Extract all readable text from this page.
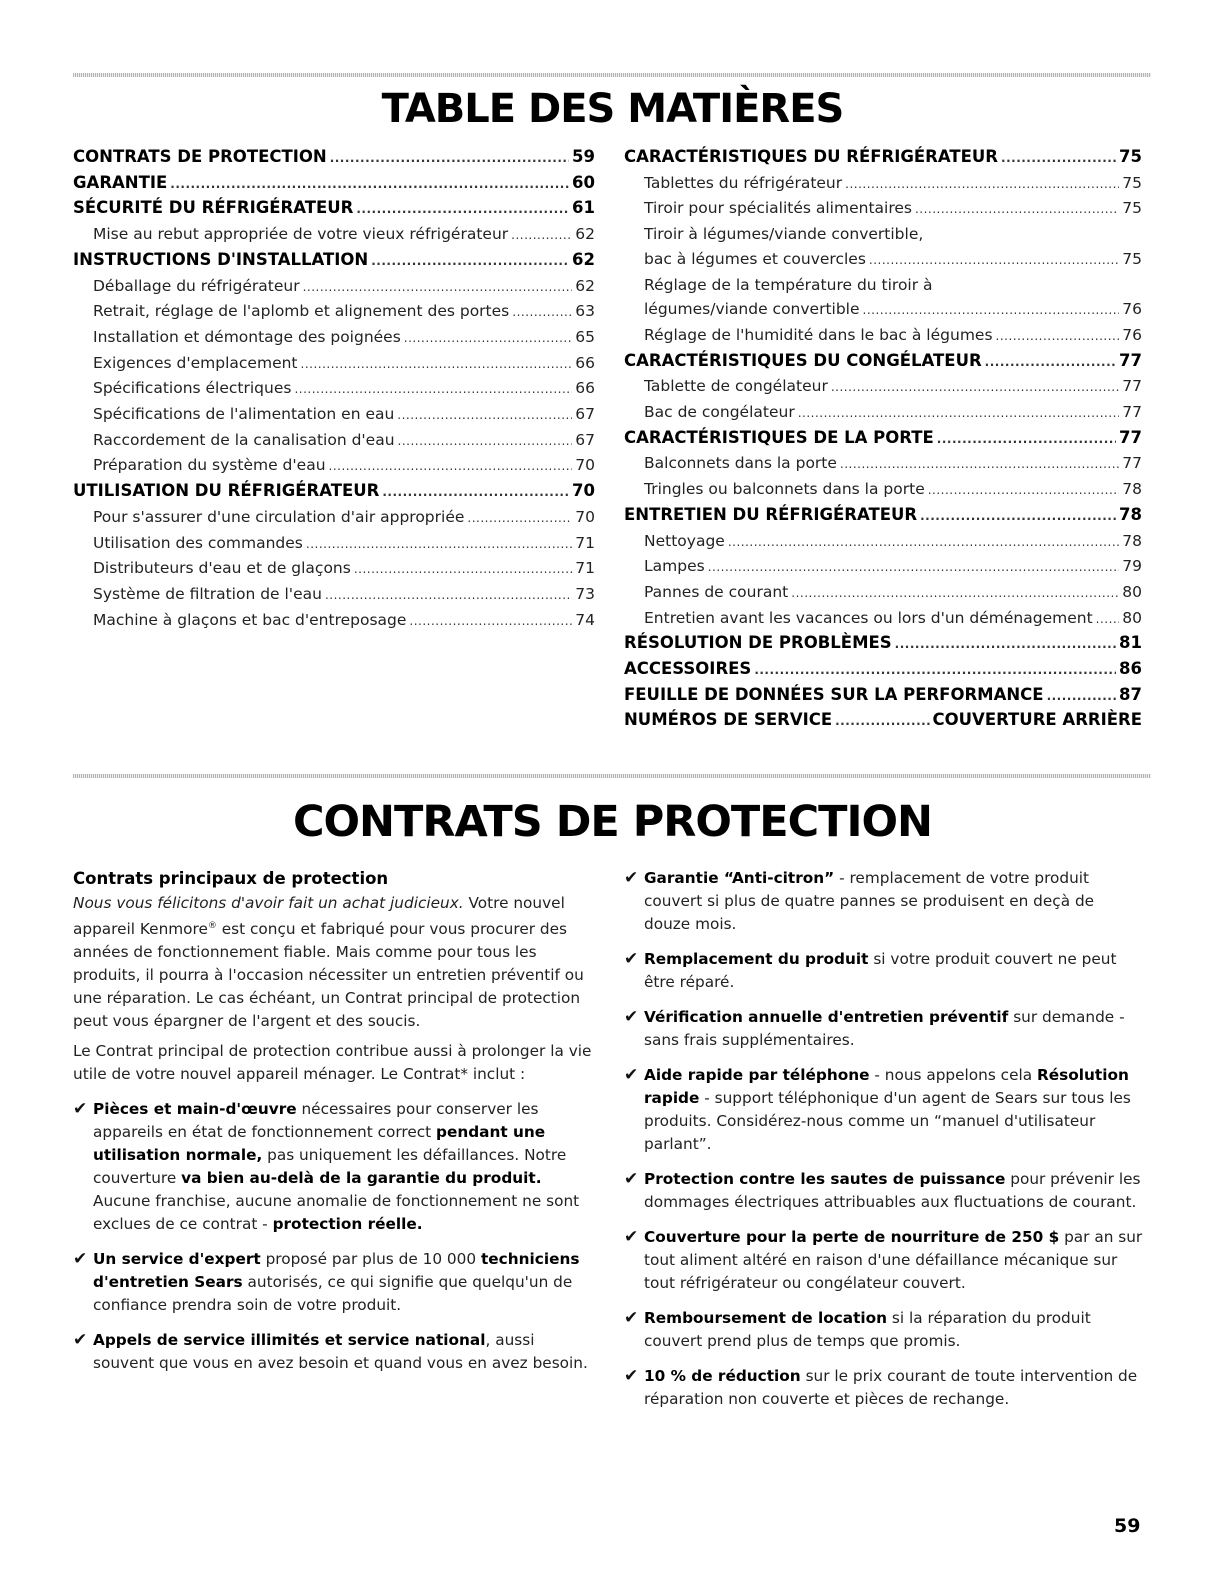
TABLE DES MATIÈRES
CONTRATS DE PROTECTION .....	59
GARANTIE .....	60
SÉCURITÉ DU RÉFRIGÉRATEUR .....	61
Mise au rebut appropriée de votre vieux réfrigérateur .....	62
INSTRUCTIONS D'INSTALLATION .....	62
Déballage du réfrigérateur .....	62
Retrait, réglage de l'aplomb et alignement des portes .....	63
Installation et démontage des poignées .....	65
Exigences d'emplacement .....	66
Spécifications électriques .....	66
Spécifications de l'alimentation en eau .....	67
Raccordement de la canalisation d'eau .....	67
Préparation du système d'eau .....	70
UTILISATION DU RÉFRIGÉRATEUR .....	70
Pour s'assurer d'une circulation d'air appropriée .....	70
Utilisation des commandes .....	71
Distributeurs d'eau et de glaçons .....	71
Système de filtration de l'eau .....	73
Machine à glaçons et bac d'entreposage .....	74
CARACTÉRISTIQUES DU RÉFRIGÉRATEUR .....	75
Tablettes du réfrigérateur .....	75
Tiroir pour spécialités alimentaires .....	75
Tiroir à légumes/viande convertible,
bac à légumes et couvercles .....	75
Réglage de la température du tiroir à
légumes/viande convertible .....	76
Réglage de l'humidité dans le bac à légumes .....	76
CARACTÉRISTIQUES DU CONGÉLATEUR .....	77
Tablette de congélateur .....	77
Bac de congélateur .....	77
CARACTÉRISTIQUES DE LA PORTE .....	77
Balconnets dans la porte .....	77
Tringles ou balconnets dans la porte .....	78
ENTRETIEN DU RÉFRIGÉRATEUR .....	78
Nettoyage .....	78
Lampes .....	79
Pannes de courant .....	80
Entretien avant les vacances ou lors d'un déménagement ..... 80
RÉSOLUTION DE PROBLÈMES .....	81
ACCESSOIRES .....	86
FEUILLE DE DONNÉES SUR LA PERFORMANCE .....	87
NUMÉROS DE SERVICE .....	COUVERTURE ARRIÈRE
CONTRATS DE PROTECTION
Contrats principaux de protection

Nous vous félicitons d'avoir fait un achat judicieux. Votre nouvel appareil Kenmore® est conçu et fabriqué pour vous procurer des années de fonctionnement fiable. Mais comme pour tous les produits, il pourra à l'occasion nécessiter un entretien préventif ou une réparation. Le cas échéant, un Contrat principal de protection peut vous épargner de l'argent et des soucis.

Le Contrat principal de protection contribue aussi à prolonger la vie utile de votre nouvel appareil ménager. Le Contrat* inclut :

✔ Pièces et main-d'œuvre nécessaires pour conserver les appareils en état de fonctionnement correct pendant une utilisation normale, pas uniquement les défaillances. Notre couverture va bien au-delà de la garantie du produit. Aucune franchise, aucune anomalie de fonctionnement ne sont exclues de ce contrat - protection réelle.
✔ Un service d'expert proposé par plus de 10 000 techniciens d'entretien Sears autorisés, ce qui signifie que quelqu'un de confiance prendra soin de votre produit.
✔ Appels de service illimités et service national, aussi souvent que vous en avez besoin et quand vous en avez besoin.
✔ Garantie “Anti-citron” - remplacement de votre produit couvert si plus de quatre pannes se produisent en deçà de douze mois.
✔ Remplacement du produit si votre produit couvert ne peut être réparé.
✔ Vérification annuelle d'entretien préventif sur demande - sans frais supplémentaires.
✔ Aide rapide par téléphone - nous appelons cela Résolution rapide - support téléphonique d'un agent de Sears sur tous les produits. Considérez-nous comme un “manuel d'utilisateur parlant”.
✔ Protection contre les sautes de puissance pour prévenir les dommages électriques attribuables aux fluctuations de courant.
✔ Couverture pour la perte de nourriture de 250 $ par an sur tout aliment altéré en raison d'une défaillance mécanique sur tout réfrigérateur ou congélateur couvert.
✔ Remboursement de location si la réparation du produit couvert prend plus de temps que promis.
✔ 10 % de réduction sur le prix courant de toute intervention de réparation non couverte et pièces de rechange.
59
